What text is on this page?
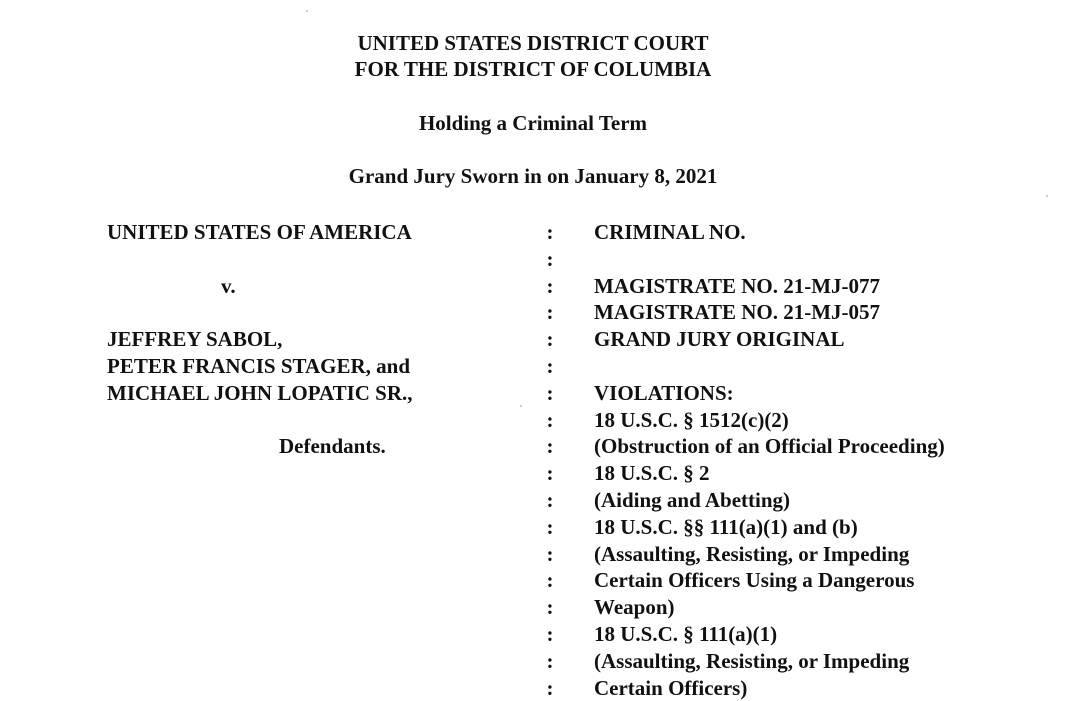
UNITED STATES DISTRICT COURT
FOR THE DISTRICT OF COLUMBIA
Holding a Criminal Term
Grand Jury Sworn in on January 8, 2021
UNITED STATES OF AMERICA
v.
JEFFREY SABOL,
PETER FRANCIS STAGER, and
MICHAEL JOHN LOPATIC SR.,
Defendants.
:
:
:
:
:
:
:
:
:
:
:
:
:
:
:
:
:
:
CRIMINAL NO.
MAGISTRATE NO. 21-MJ-077
MAGISTRATE NO. 21-MJ-057
GRAND JURY ORIGINAL
VIOLATIONS:
18 U.S.C. § 1512(c)(2)
(Obstruction of an Official Proceeding)
18 U.S.C. § 2
(Aiding and Abetting)
18 U.S.C. §§ 111(a)(1) and (b)
(Assaulting, Resisting, or Impeding
Certain Officers Using a Dangerous
Weapon)
18 U.S.C. § 111(a)(1)
(Assaulting, Resisting, or Impeding
Certain Officers)
